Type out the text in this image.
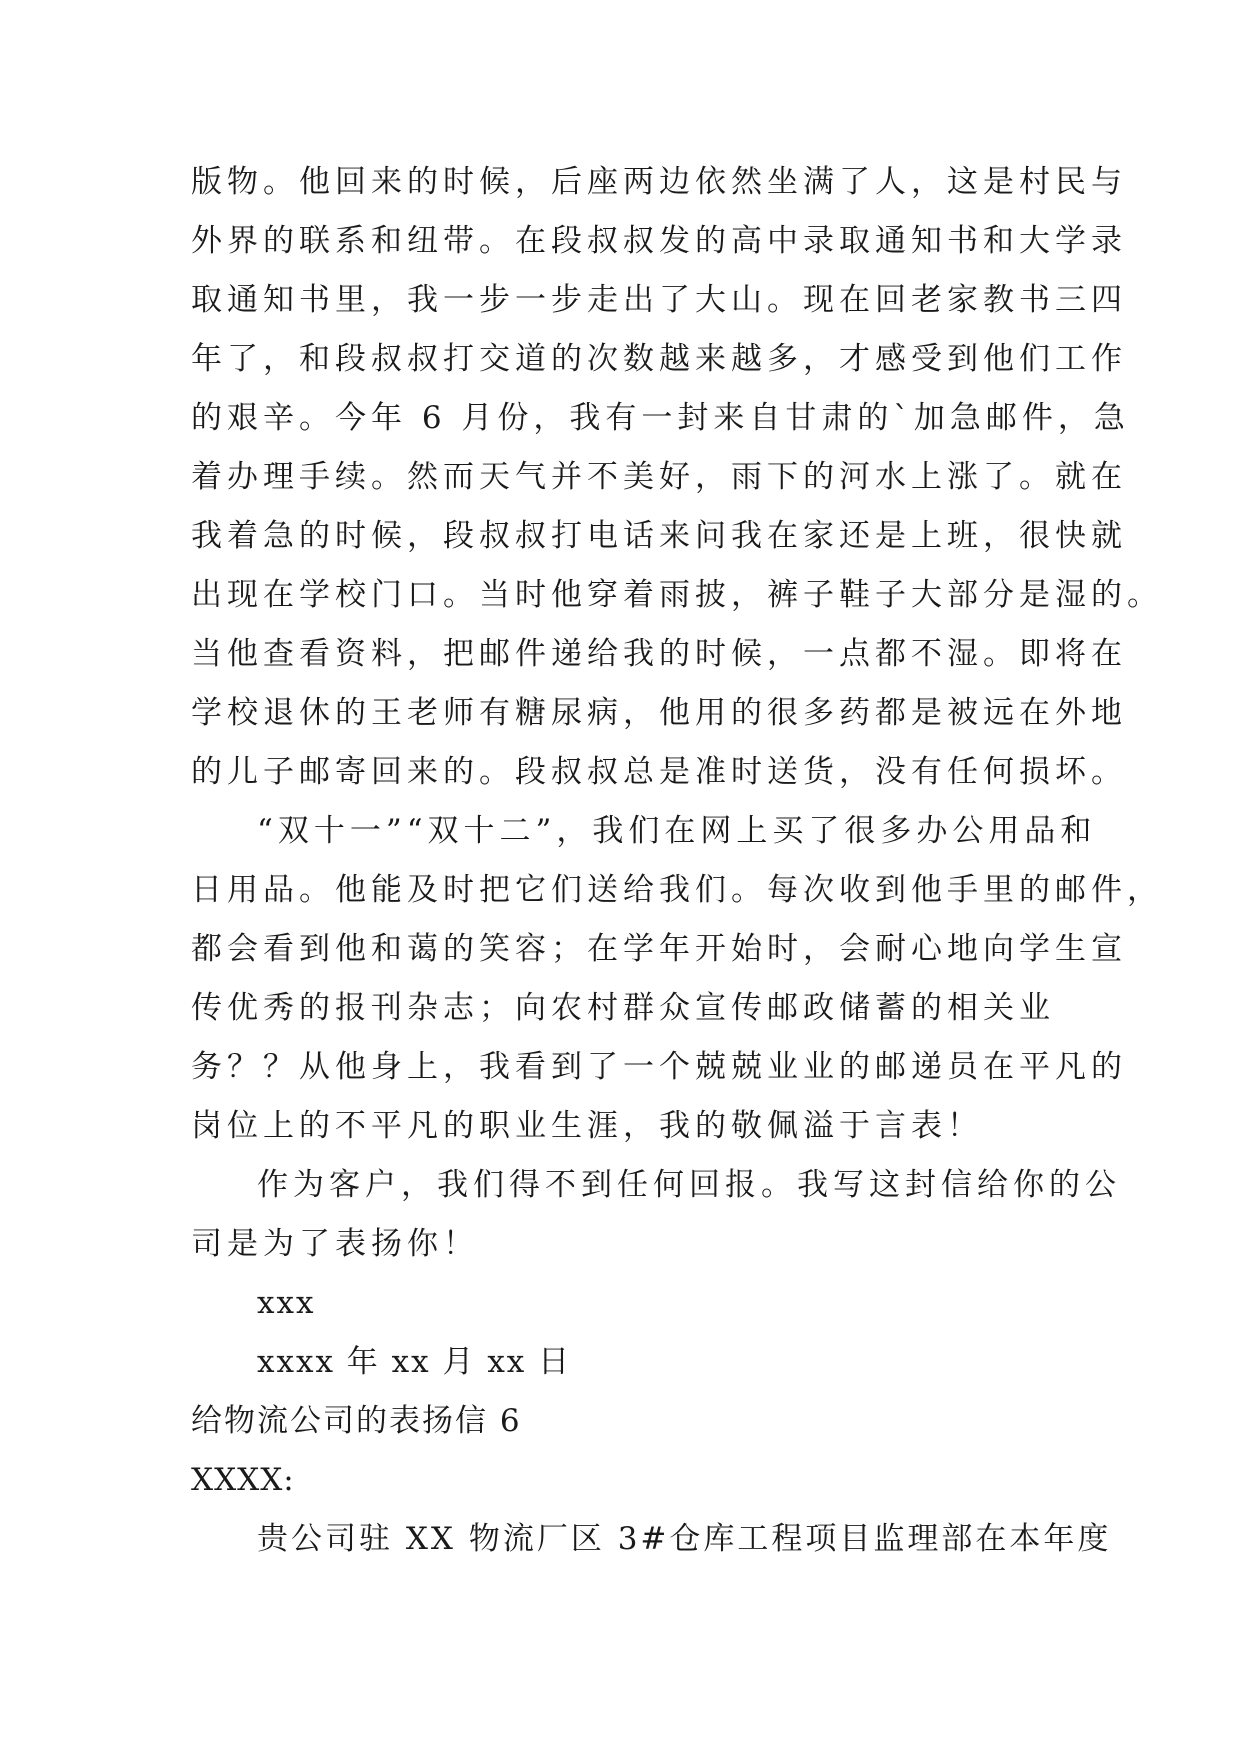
版物。他回来的时候，后座两边依然坐满了人，这是村民与
外界的联系和纽带。在段叔叔发的高中录取通知书和大学录
取通知书里，我一步一步走出了大山。现在回老家教书三四
年了，和段叔叔打交道的次数越来越多，才感受到他们工作
的艰辛。今年 6 月份，我有一封来自甘肃的`加急邮件，急
着办理手续。然而天气并不美好，雨下的河水上涨了。就在
我着急的时候，段叔叔打电话来问我在家还是上班，很快就
出现在学校门口。当时他穿着雨披，裤子鞋子大部分是湿的。
当他查看资料，把邮件递给我的时候，一点都不湿。即将在
学校退休的王老师有糖尿病，他用的很多药都是被远在外地
的儿子邮寄回来的。段叔叔总是准时送货，没有任何损坏。
“双十一”“双十二”，我们在网上买了很多办公用品和
日用品。他能及时把它们送给我们。每次收到他手里的邮件，
都会看到他和蔼的笑容；在学年开始时，会耐心地向学生宣
传优秀的报刊杂志；向农村群众宣传邮政储蓄的相关业
务？？从他身上，我看到了一个兢兢业业的邮递员在平凡的
岗位上的不平凡的职业生涯，我的敬佩溢于言表！
作为客户，我们得不到任何回报。我写这封信给你的公
司是为了表扬你！
xxx
xxxx 年 xx 月 xx 日
给物流公司的表扬信 6
XXXX:
贵公司驻 XX 物流厂区 3#仓库工程项目监理部在本年度
